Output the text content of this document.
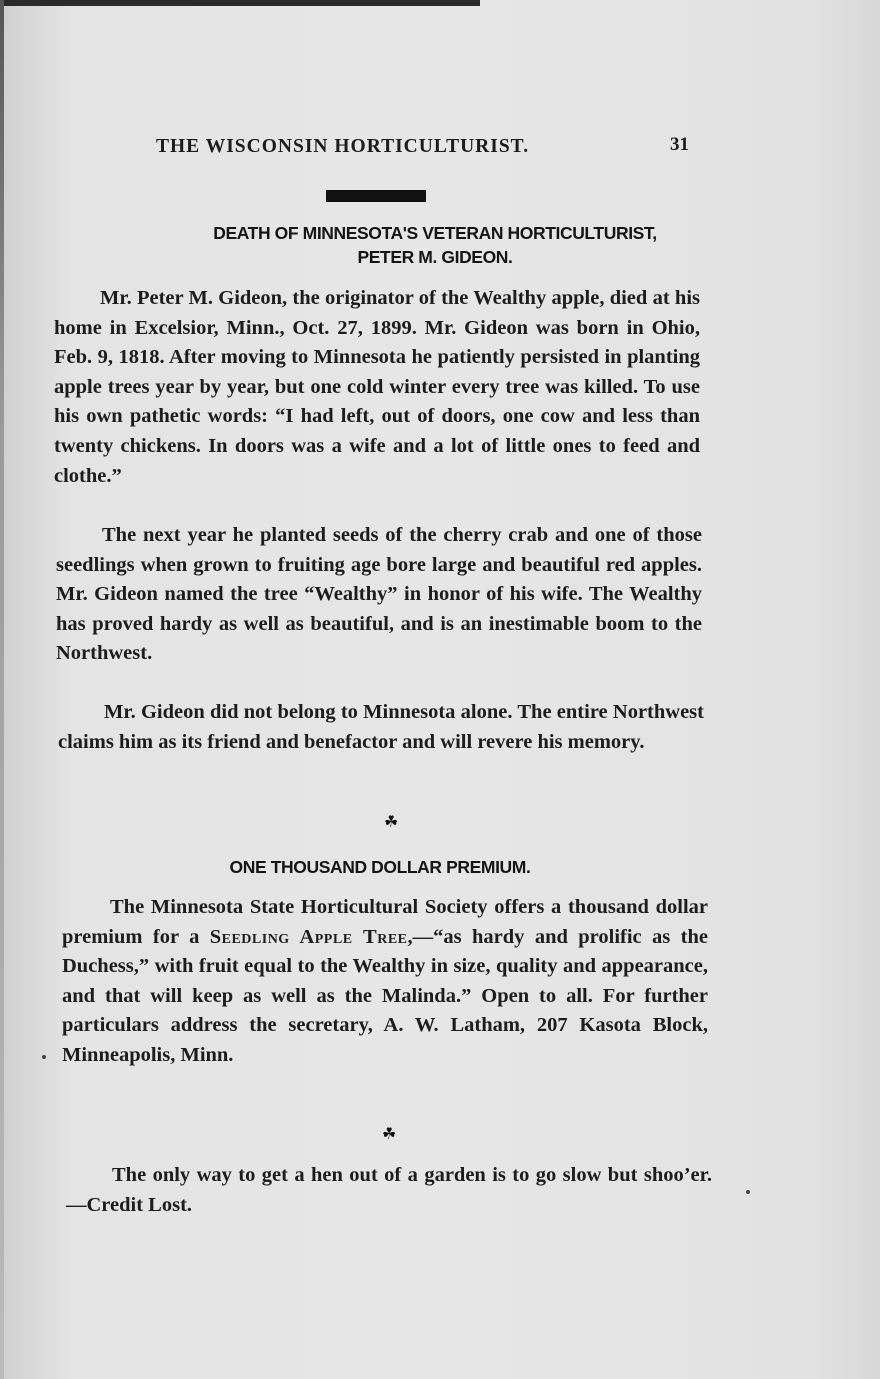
THE WISCONSIN HORTICULTURIST.	31
DEATH OF MINNESOTA'S VETERAN HORTICULTURIST,
PETER M. GIDEON.

Mr. Peter M. Gideon, the originator of the Wealthy apple, died at his home in Excelsior, Minn., Oct. 27, 1899. Mr. Gideon was born in Ohio, Feb. 9, 1818. After moving to Minnesota he patiently persisted in planting apple trees year by year, but one cold winter every tree was killed. To use his own pathetic words: “I had left, out of doors, one cow and less than twenty chickens. In doors was a wife and a lot of little ones to feed and clothe.”

The next year he planted seeds of the cherry crab and one of those seedlings when grown to fruiting age bore large and beautiful red apples. Mr. Gideon named the tree “Wealthy” in honor of his wife. The Wealthy has proved hardy as well as beautiful, and is an inestimable boom to the Northwest.

Mr. Gideon did not belong to Minnesota alone. The entire Northwest claims him as its friend and benefactor and will revere his memory.

☘
ONE THOUSAND DOLLAR PREMIUM.

The Minnesota State Horticultural Society offers a thousand dollar premium for a Seedling Apple Tree,—“as hardy and prolific as the Duchess,” with fruit equal to the Wealthy in size, quality and appearance, and that will keep as well as the Malinda.” Open to all. For further particulars address the secretary, A. W. Latham, 207 Kasota Block, Minneapolis, Minn.

☘

The only way to get a hen out of a garden is to go slow but shoo’er.—Credit Lost.
